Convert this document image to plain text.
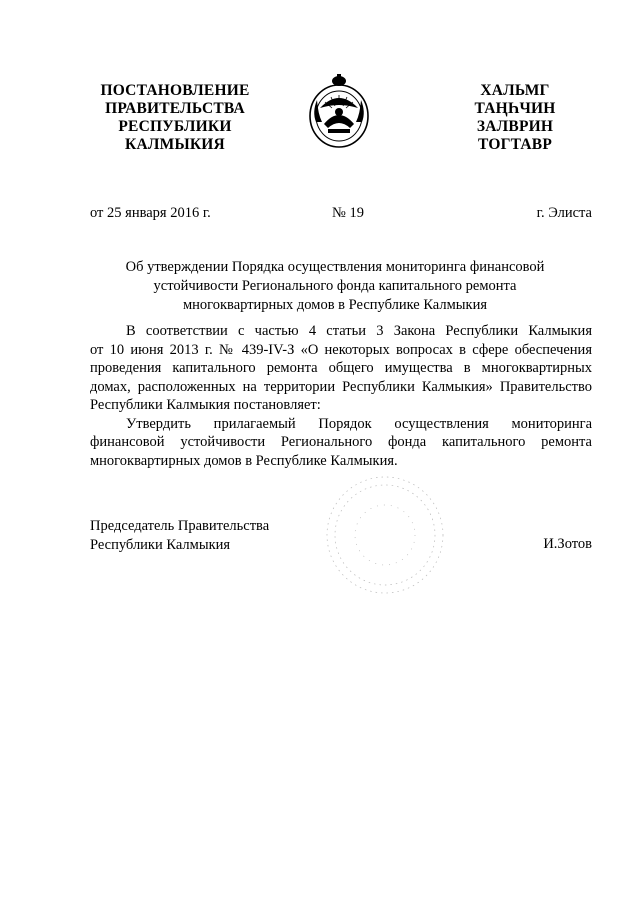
ПОСТАНОВЛЕНИЕ
ПРАВИТЕЛЬСТВА
РЕСПУБЛИКИ
КАЛМЫКИЯ
ХАЛЬМГ
ТАҢҺЧИН
ЗАЛВРИН
ТОГТАВР
от 25 января 2016 г.	№ 19	г. Элиста
Об утверждении Порядка осуществления мониторинга финансовой
устойчивости Регионального фонда капитального ремонта
многоквартирных домов в Республике Калмыкия
В соответствии с частью 4 статьи 3 Закона Республики Калмыкия
от 10 июня 2013 г. № 439-IV-З «О некоторых вопросах в сфере обеспечения
проведения капитального ремонта общего имущества в многоквартирных
домах, расположенных на территории Республики Калмыкия» Правительство
Республики Калмыкия постановляет:
Утвердить прилагаемый Порядок осуществления мониторинга
финансовой устойчивости Регионального фонда капитального ремонта
многоквартирных домов в Республике Калмыкия.
Председатель Правительства
Республики Калмыкия	И.Зотов
